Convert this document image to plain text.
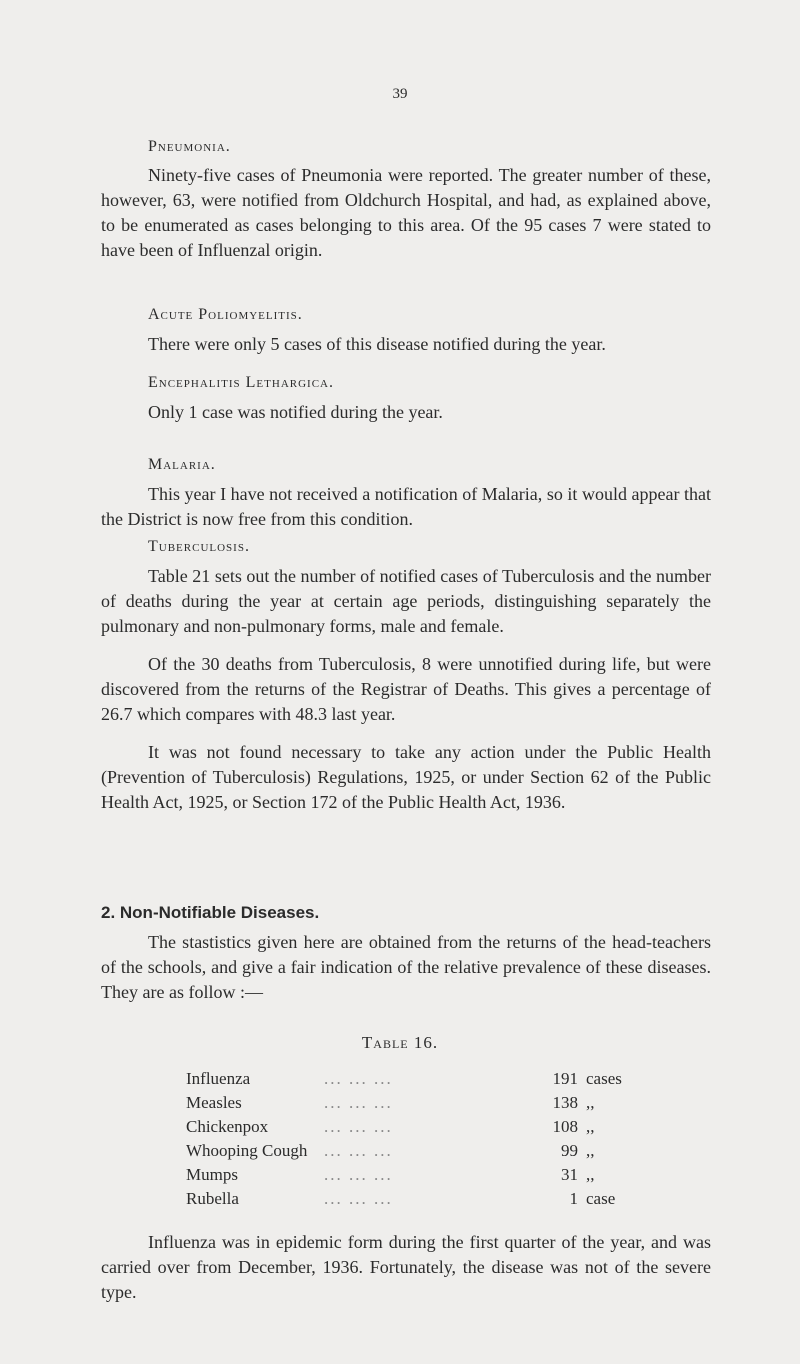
39
Pneumonia.

Ninety-five cases of Pneumonia were reported. The greater number of these, however, 63, were notified from Oldchurch Hospital, and had, as explained above, to be enumerated as cases belonging to this area. Of the 95 cases 7 were stated to have been of Influenzal origin.

Acute Poliomyelitis.

There were only 5 cases of this disease notified during the year.

Encephalitis Lethargica.

Only 1 case was notified during the year.

Malaria.

This year I have not received a notification of Malaria, so it would appear that the District is now free from this condition.

Tuberculosis.

Table 21 sets out the number of notified cases of Tuberculosis and the number of deaths during the year at certain age periods, distinguishing separately the pulmonary and non-pulmonary forms, male and female.

Of the 30 deaths from Tuberculosis, 8 were unnotified during life, but were discovered from the returns of the Registrar of Deaths. This gives a percentage of 26.7 which compares with 48.3 last year.

It was not found necessary to take any action under the Public Health (Prevention of Tuberculosis) Regulations, 1925, or under Section 62 of the Public Health Act, 1925, or Section 172 of the Public Health Act, 1936.

2. Non-Notifiable Diseases.

The stastistics given here are obtained from the returns of the head-teachers of the schools, and give a fair indication of the relative prevalence of these diseases. They are as follow :—

Table 16.
Influenza	... ... ...	191 cases
Measles	... ... ...	138 ,,
Chickenpox	... ... ...	108 ,,
Whooping Cough ... ... ...	99 ,,
Mumps	... ... ...	31 ,,
Rubella	... ... ...	1 case

Influenza was in epidemic form during the first quarter of the year, and was carried over from December, 1936. Fortunately, the disease was not of the severe type.
